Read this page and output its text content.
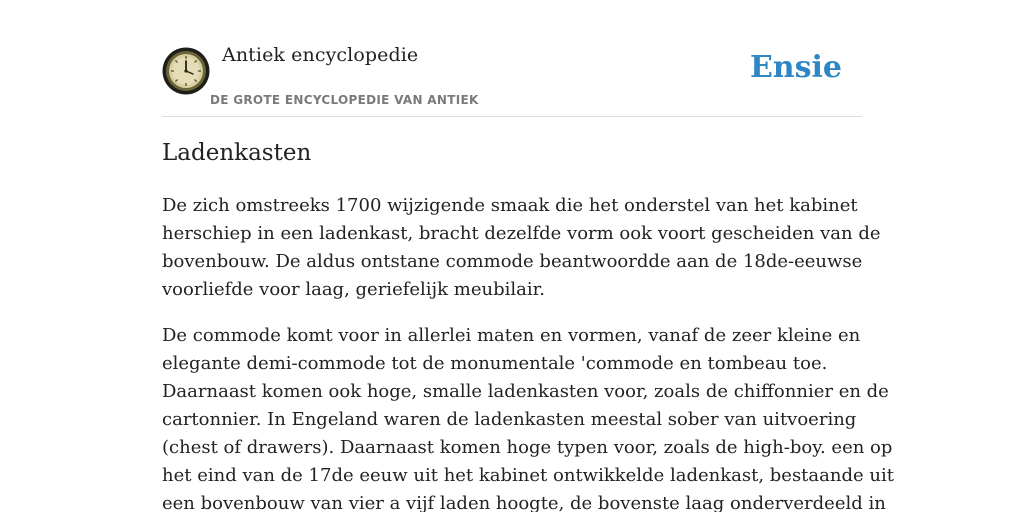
Antiek encyclopedie
DE GROTE ENCYCLOPEDIE VAN ANTIEK
Ensie
Ladenkasten

De zich omstreeks 1700 wijzigende smaak die het onderstel van het kabinet
herschiep in een ladenkast, bracht dezelfde vorm ook voort gescheiden van de
bovenbouw. De aldus ontstane commode beantwoordde aan de 18de-eeuwse
voorliefde voor laag, geriefelijk meubilair.

De commode komt voor in allerlei maten en vormen, vanaf de zeer kleine en
elegante demi-commode tot de monumentale 'commode en tombeau toe.
Daarnaast komen ook hoge, smalle ladenkasten voor, zoals de chiffonnier en de
cartonnier. In Engeland waren de ladenkasten meestal sober van uitvoering
(chest of drawers). Daarnaast komen hoge typen voor, zoals de high-boy. een op
het eind van de 17de eeuw uit het kabinet ontwikkelde ladenkast, bestaande uit
een bovenbouw van vier a vijf laden hoogte, de bovenste laag onderverdeeld in
